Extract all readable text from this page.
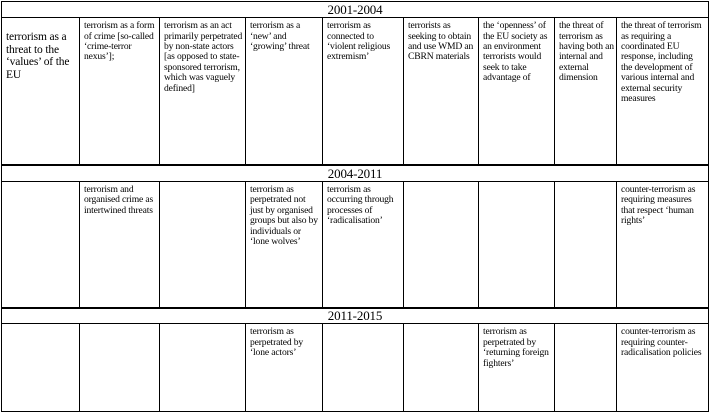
2001-2004								
terrorism as a threat to the ‘values’ of the EU	terrorism as a form of crime [so-called ‘crime-terror nexus’];	terrorism as an act primarily perpetrated by non-state actors [as opposed to state-sponsored terrorism, which was vaguely defined]	terrorism as a ‘new’ and ‘growing’ threat	terrorism as connected to ‘violent religious extremism’	terrorists as seeking to obtain and use WMD an CBRN materials	the ‘openness’ of the EU society as an environment terrorists would seek to take advantage of	the threat of terrorism as having both an internal and external dimension	the threat of terrorism as requiring a coordinated EU response, including the development of various internal and external security measures
2004-2011								
	terrorism and organised crime as intertwined threats		terrorism as perpetrated not just by organised groups but also by individuals or ‘lone wolves’	terrorism as occurring through processes of ‘radicalisation’				counter-terrorism as requiring measures that respect ‘human rights’
2011-2015								
			terrorism as perpetrated by ‘lone actors’			terrorism as perpetrated by ‘returning foreign fighters’		counter-terrorism as requiring counter-radicalisation policies
